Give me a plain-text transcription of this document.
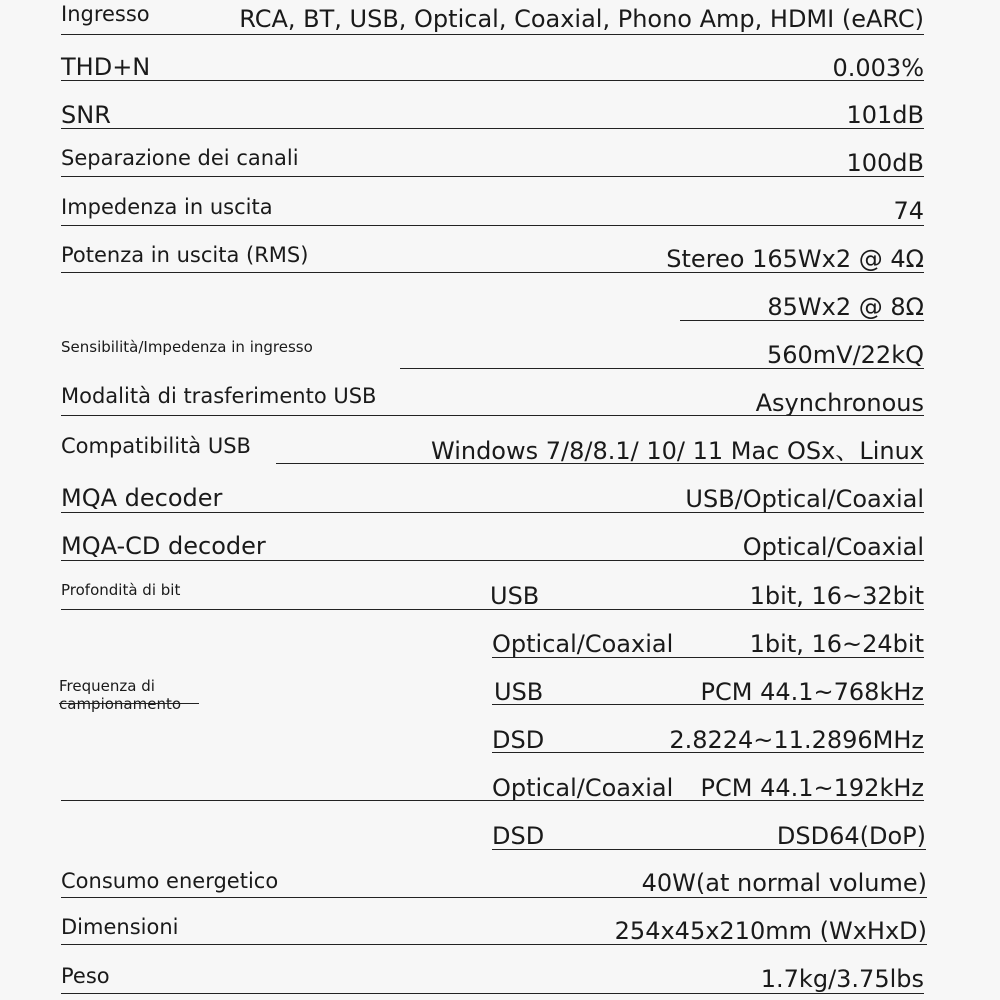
Ingresso	RCA, BT, USB, Optical, Coaxial, Phono Amp, HDMI (eARC)
THD+N	0.003%
SNR	101dB
Separazione dei canali	100dB
Impedenza in uscita	74
Potenza in uscita (RMS)	Stereo 165Wx2 @ 4Ω
85Wx2 @ 8Ω
Sensibilità/Impedenza in ingresso	560mV/22kQ
Modalità di trasferimento USB	Asynchronous
Compatibilità USB	Windows 7/8/8.1/ 10/ 11 Mac OSx、Linux
MQA decoder	USB/Optical/Coaxial
MQA-CD decoder	Optical/Coaxial
Profondità di bit	USB	1bit, 16~32bit
Optical/Coaxial	1bit, 16~24bit
Frequenza di campionamento	USB	PCM 44.1~768kHz
DSD	2.8224~11.2896MHz
Optical/Coaxial PCM 44.1~192kHz
DSD	DSD64(DoP)
Consumo energetico	40W(at normal volume)
Dimensioni	254x45x210mm (WxHxD)
Peso	1.7kg/3.75lbs
